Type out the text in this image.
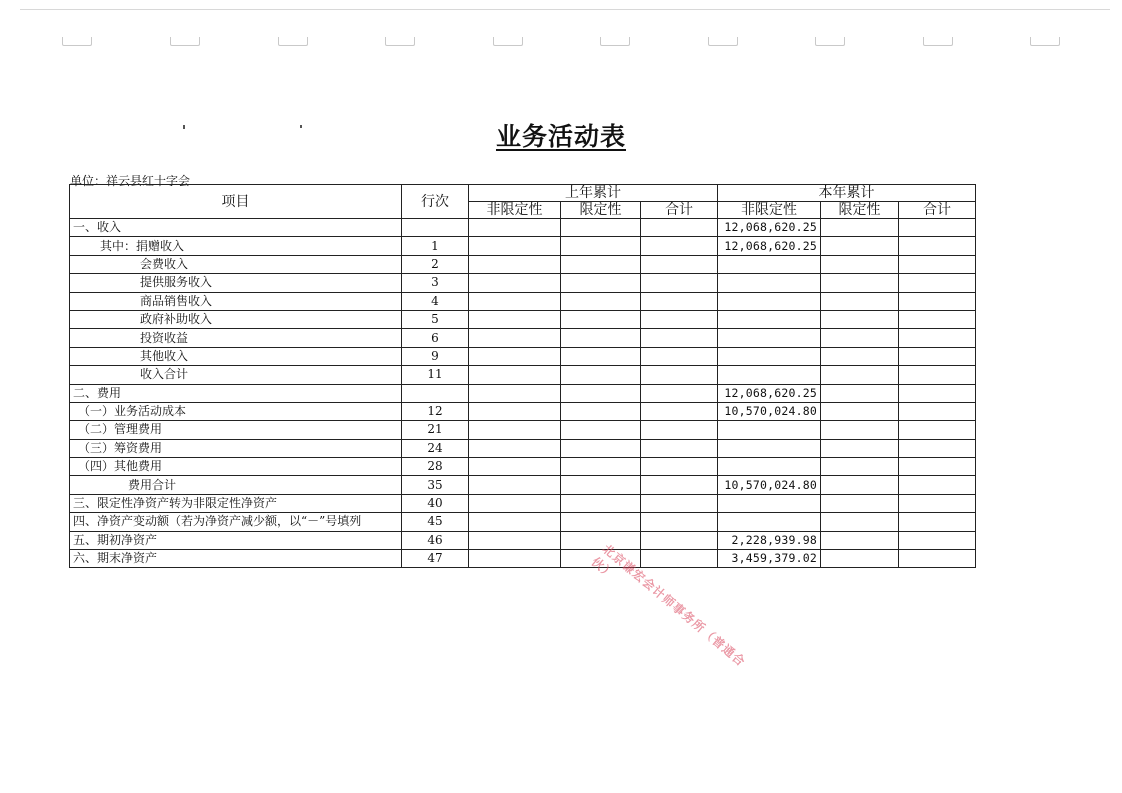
业务活动表
单位：祥云县红十字会
项目	行次	上年累计			本年累计		
		非限定性	限定性	合计	非限定性	限定性	合计
一、收入					12,068,620.25		
其中：捐赠收入	1				12,068,620.25		
会费收入	2						
提供服务收入	3						
商品销售收入	4						
政府补助收入	5						
投资收益	6						
其他收入	9						
收入合计	11						
二、费用					12,068,620.25		
（一）业务活动成本	12				10,570,024.80		
（二）管理费用	21						
（三）筹资费用	24						
（四）其他费用	28						
费用合计	35				10,570,024.80		
三、限定性净资产转为非限定性净资产	40						
四、净资产变动额（若为净资产减少额，以“－”号填列	45						
五、期初净资产	46				2,228,939.98		
六、期末净资产	47				3,459,379.02		
北京谦宏会计师事务所（普通合伙）
